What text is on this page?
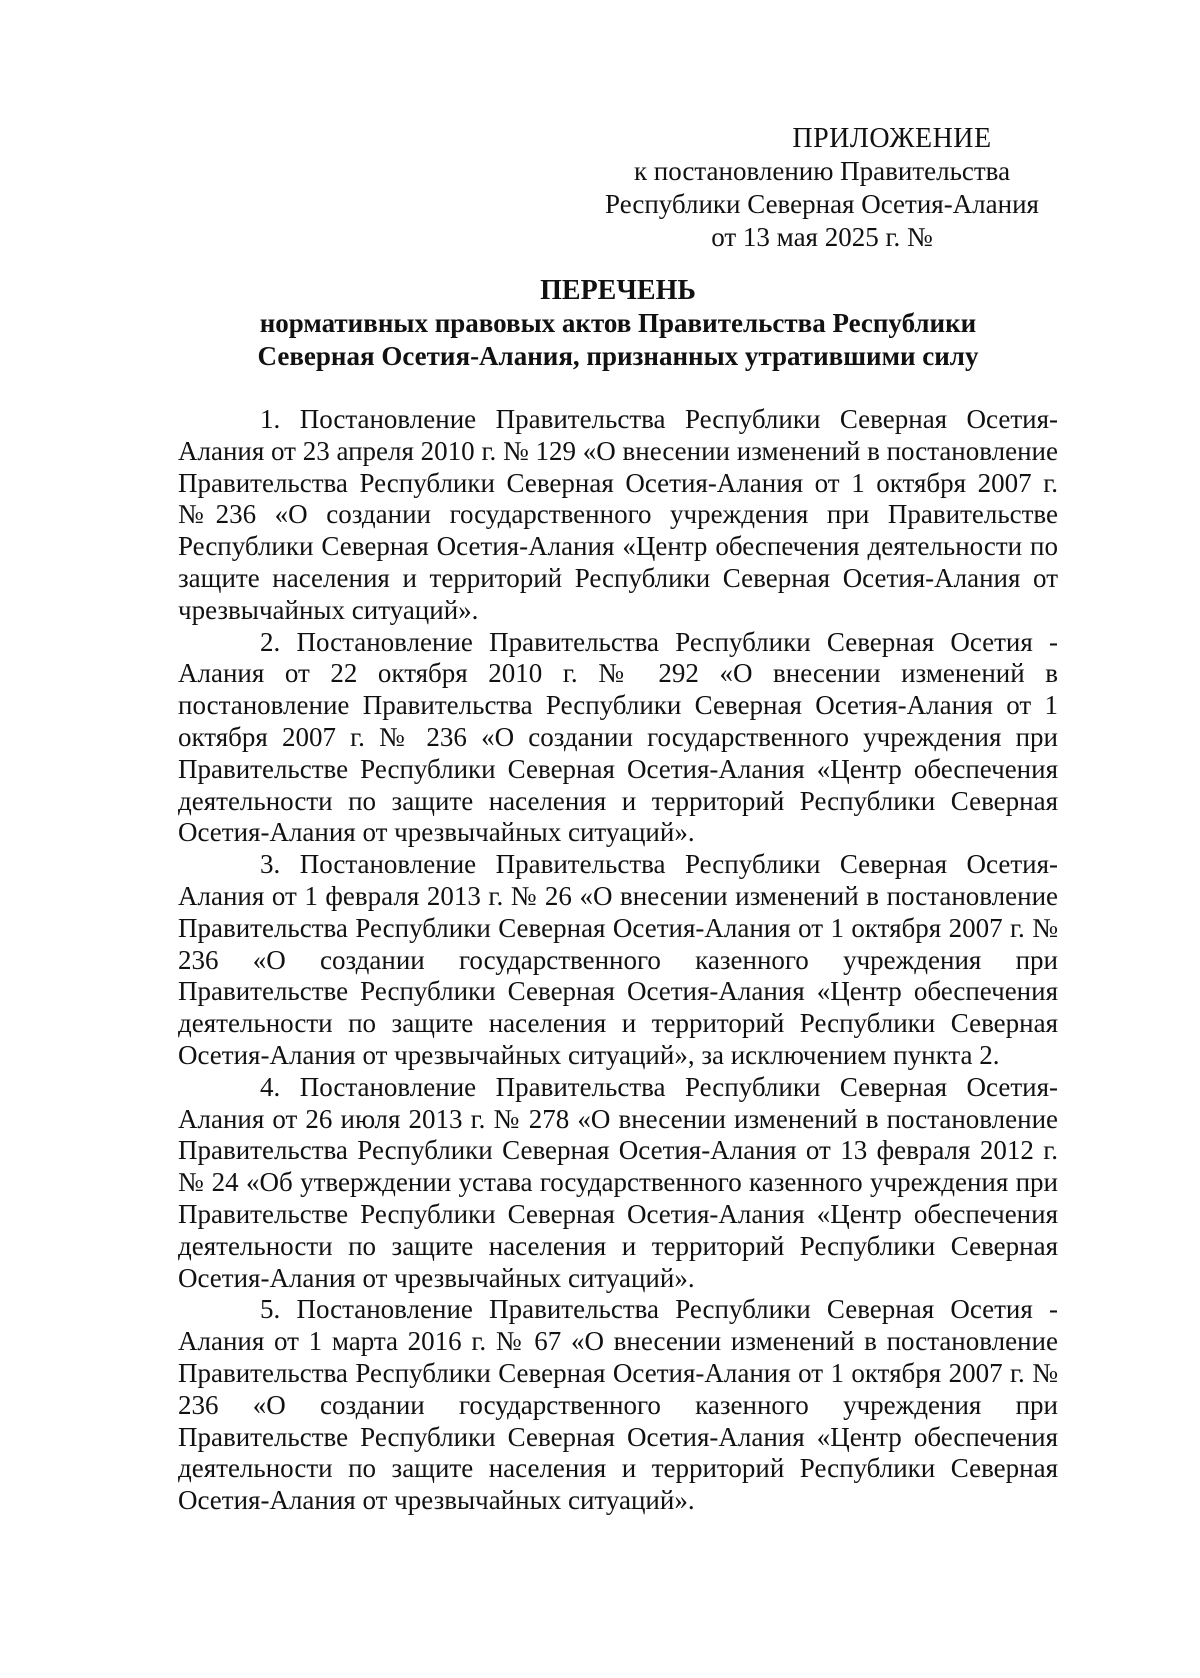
ПРИЛОЖЕНИЕ
к постановлению Правительства
Республики Северная Осетия-Алания
от 13 мая 2025 г. №
ПЕРЕЧЕНЬ
нормативных правовых актов Правительства Республики
Северная Осетия-Алания, признанных утратившими силу

1. Постановление Правительства Республики Северная Осетия-Алания от 23 апреля 2010 г. № 129 «О внесении изменений в постановление Правительства Республики Северная Осетия-Алания от 1 октября 2007 г. №236 «О создании государственного учреждения при Правительстве Республики Северная Осетия-Алания «Центр обеспечения деятельности по защите населения и территорий Республики Северная Осетия-Алания от чрезвычайных ситуаций».

2. Постановление Правительства Республики Северная Осетия - Алания от 22 октября 2010 г. № 292 «О внесении изменений в постановление Правительства Республики Северная Осетия-Алания от 1 октября 2007 г. № 236 «О создании государственного учреждения при Правительстве Республики Северная Осетия-Алания «Центр обеспечения деятельности по защите населения и территорий Республики Северная Осетия-Алания от чрезвычайных ситуаций».

3. Постановление Правительства Республики Северная Осетия-Алания от 1 февраля 2013 г. № 26 «О внесении изменений в постановление Правительства Республики Северная Осетия-Алания от 1 октября 2007 г. № 236 «О создании государственного казенного учреждения при Правительстве Республики Северная Осетия-Алания «Центр обеспечения деятельности по защите населения и территорий Республики Северная Осетия-Алания от чрезвычайных ситуаций», за исключением пункта 2.

4. Постановление Правительства Республики Северная Осетия-Алания от 26 июля 2013 г. № 278 «О внесении изменений в постановление Правительства Республики Северная Осетия-Алания от 13 февраля 2012 г. № 24 «Об утверждении устава государственного казенного учреждения при Правительстве Республики Северная Осетия-Алания «Центр обеспечения деятельности по защите населения и территорий Республики Северная Осетия-Алания от чрезвычайных ситуаций».

5. Постановление Правительства Республики Северная Осетия - Алания от 1 марта 2016 г. № 67 «О внесении изменений в постановление Правительства Республики Северная Осетия-Алания от 1 октября 2007 г. № 236 «О создании государственного казенного учреждения при Правительстве Республики Северная Осетия-Алания «Центр обеспечения деятельности по защите населения и территорий Республики Северная Осетия-Алания от чрезвычайных ситуаций».
